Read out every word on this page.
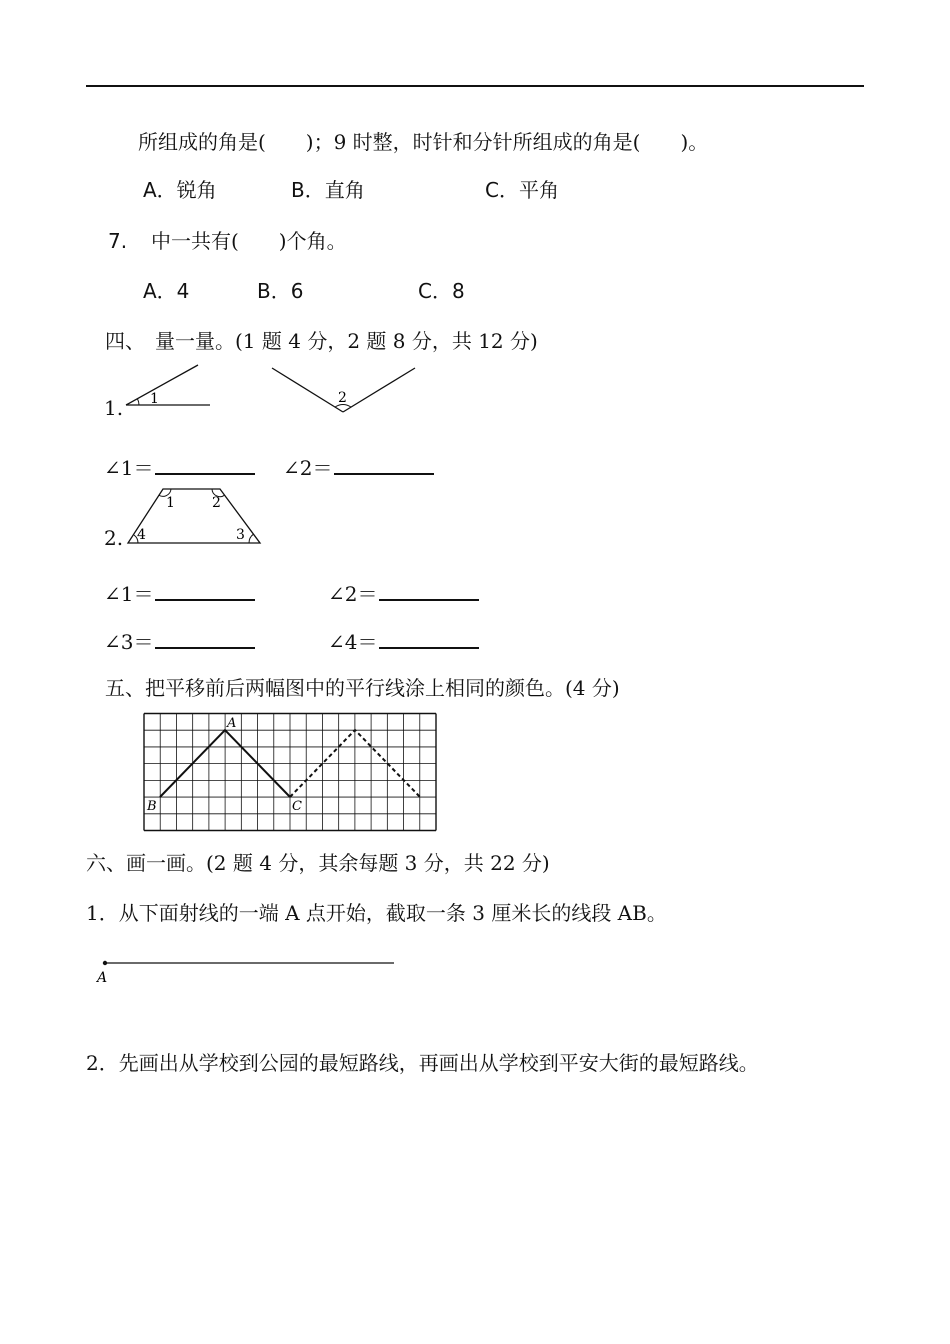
所组成的角是(　　)；9 时整，时针和分针所组成的角是(　　)。
A．锐角	B．直角	C．平角
7. 中一共有(　　)个角。
A．4	B．6	C．8
四、　量一量。(1 题 4 分，2 题 8 分，共 12 分)
1. 1	2
∠1＝	∠2＝
2.
1	2
3
4
∠1＝	∠2＝
∠3＝	∠4＝
五、把平移前后两幅图中的平行线涂上相同的颜色。(4 分)
A
B	C
六、画一画。(2 题 4 分，其余每题 3 分，共 22 分)
1．从下面射线的一端 A 点开始，截取一条 3 厘米长的线段 AB。
A
2．先画出从学校到公园的最短路线，再画出从学校到平安大街的最短路线。
